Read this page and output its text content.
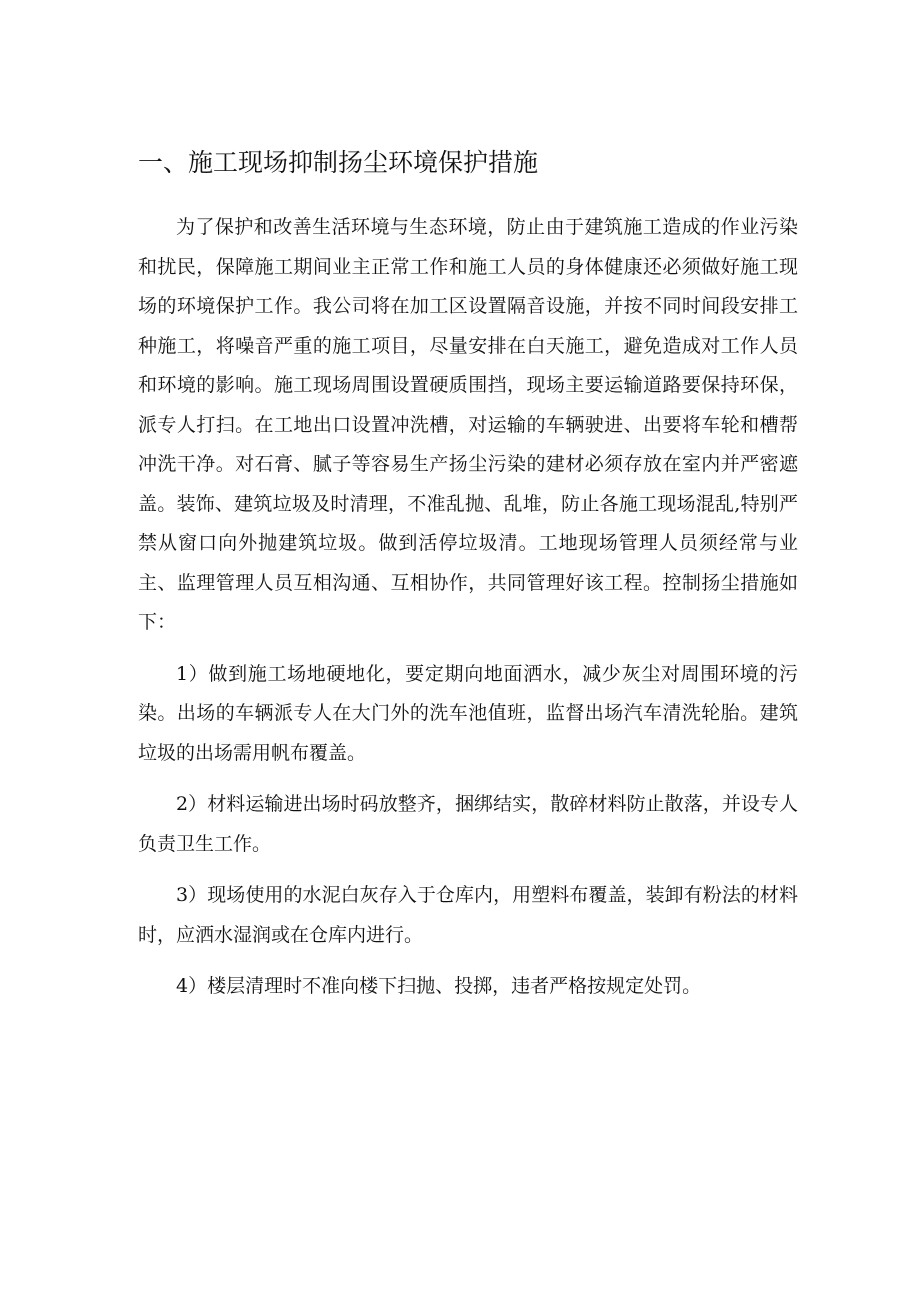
一、施工现场抑制扬尘环境保护措施

为了保护和改善生活环境与生态环境，防止由于建筑施工造成的作业污染和扰民，保障施工期间业主正常工作和施工人员的身体健康还必须做好施工现场的环境保护工作。我公司将在加工区设置隔音设施，并按不同时间段安排工种施工，将噪音严重的施工项目，尽量安排在白天施工，避免造成对工作人员和环境的影响。施工现场周围设置硬质围挡，现场主要运输道路要保持环保，派专人打扫。在工地出口设置冲洗槽，对运输的车辆驶进、出要将车轮和槽帮冲洗干净。对石膏、腻子等容易生产扬尘污染的建材必须存放在室内并严密遮盖。装饰、建筑垃圾及时清理，不准乱抛、乱堆，防止各施工现场混乱,特别严禁从窗口向外抛建筑垃圾。做到活停垃圾清。工地现场管理人员须经常与业主、监理管理人员互相沟通、互相协作，共同管理好该工程。控制扬尘措施如下：

1）做到施工场地硬地化，要定期向地面洒水，减少灰尘对周围环境的污染。出场的车辆派专人在大门外的洗车池值班，监督出场汽车清洗轮胎。建筑垃圾的出场需用帆布覆盖。

2）材料运输进出场时码放整齐，捆绑结实，散碎材料防止散落，并设专人负责卫生工作。

3）现场使用的水泥白灰存入于仓库内，用塑料布覆盖，装卸有粉法的材料时，应洒水湿润或在仓库内进行。

4）楼层清理时不准向楼下扫抛、投掷，违者严格按规定处罚。
